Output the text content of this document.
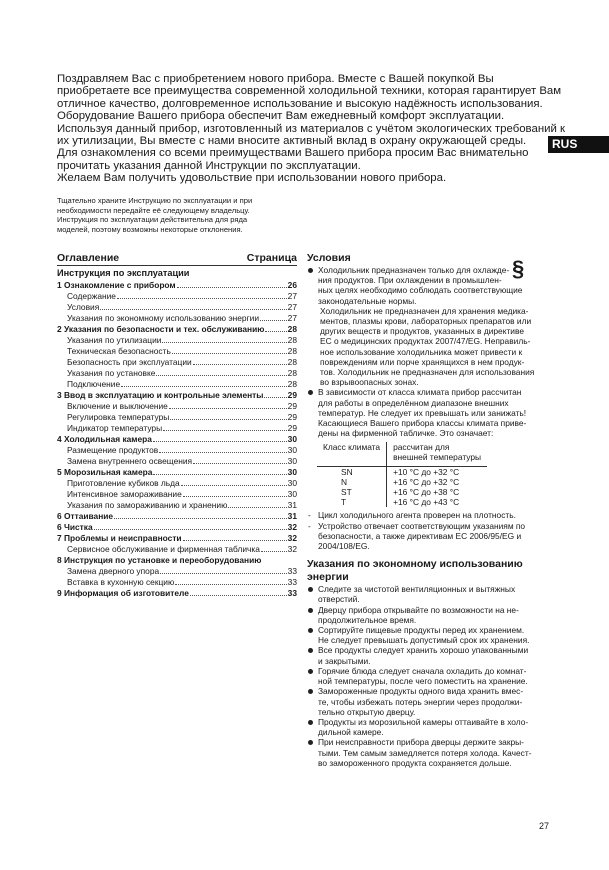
Поздравляем Вас с приобретением нового прибора. Вместе с Вашей покупкой Вы
приобретаете все преимущества современной холодильной техники, которая гарантирует Вам
отличное качество, долговременное использование и высокую надёжность использования.
Оборудование Вашего прибора обеспечит Вам ежедневный комфорт эксплуатации.
Используя данный прибор, изготовленный из материалов с учётом экологических требований к
их утилизации, Вы вместе с нами вносите активный вклад в охрану окружающей среды.
Для ознакомления со всеми преимуществами Вашего прибора просим Вас внимательно
прочитать указания данной Инструкции по эксплуатации.
Желаем Вам получить удовольствие при использовании нового прибора.
RUS
Тщательно храните Инструкцию по эксплуатации и при
необходимости передайте её следующему владельцу.
Инструкция по эксплуатации действительна для ряда
моделей, поэтому возможны некоторые отклонения.
Оглавление	Страница
Инструкция по эксплуатации
1 Ознакомление с прибором	26
Содержание	27
Условия	27
Указания по экономному использованию энергии	27
2 Указания по безопасности и тех. обслуживанию	28
Указания по утилизации	28
Техническая безопасность	28
Безопасность при эксплуатации	28
Указания по установке	28
Подключение	28
3 Ввод в эксплуатацию и контрольные элементы	29
Включение и выключение	29
Регулировка температуры	29
Индикатор температуры	29
4 Холодильная камера	30
Размещение продуктов	30
Замена внутреннего освещения	30
5 Морозильная камера	30
Приготовление кубиков льда	30
Интенсивное замораживание	30
Указания по замораживанию и хранению	31
6 Оттаивание	31
6 Чистка	32
7 Проблемы и неисправности	32
Сервисное обслуживание и фирменная табличка	32
8 Инструкция по установке и переоборудованию
Замена дверного упора	33
Вставка в кухонную секцию	33
9 Информация об изготовителе	33
§
Условия
Холодильник предназначен только для охлажде-
ния продуктов. При охлаждении в промышлен-
ных целях необходимо соблюдать соответствующие
законодательные нормы.
Холодильник не предназначен для хранения медика-
ментов, плазмы крови, лабораторных препаратов или
других веществ и продуктов, указанных в директиве
ЕС о медицинских продуктах 2007/47/EG. Неправиль-
ное использование холодильника может привести к
повреждениям или порче хранящихся в нем продук-
тов. Холодильник не предназначен для использования
во взрывоопасных зонах.
В зависимости от класса климата прибор рассчитан
для работы в определённом диапазоне внешних
температур. Не следует их превышать или занижать!
Касающиеся Вашего прибора классы климата приве-
дены на фирменной табличке. Это означает:
Класс климата	рассчитан для
внешней температуры
SN	+10 °C до +32 °C
N	+16 °C до +32 °C
ST	+16 °C до +38 °C
T	+16 °C до +43 °C
- Цикл холодильного агента проверен на плотность.
- Устройство отвечает соответствующим указаниям по
безопасности, а также директивам ЕС 2006/95/EG и
2004/108/EG.
Указания по экономному использованию
энергии
Следите за чистотой вентиляционных и вытяжных
отверстий.
Дверцу прибора открывайте по возможности на не-
продолжительное время.
Сортируйте пищевые продукты перед их хранением.
Не следует превышать допустимый срок их хранения.
Все продукты следует хранить хорошо упакованными
и закрытыми.
Горячие блюда следует сначала охладить до комнат-
ной температуры, после чего поместить на хранение.
Замороженные продукты одного вида хранить вмес-
те, чтобы избежать потерь энергии через продолжи-
тельно открытую дверцу.
Продукты из морозильной камеры оттаивайте в холо-
дильной камере.
При неисправности прибора дверцы держите закры-
тыми. Тем самым замедляется потеря холода. Качест-
во замороженного продукта сохраняется дольше.
27
